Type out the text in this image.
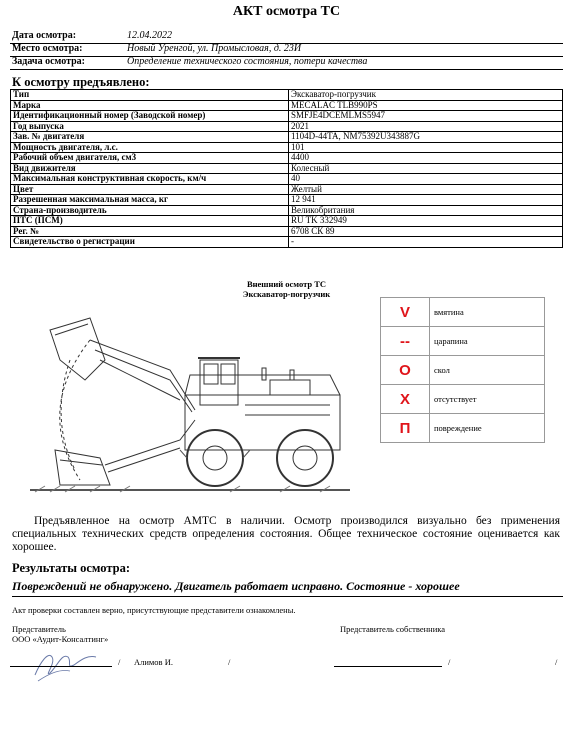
АКТ осмотра ТС
Дата осмотра:	12.04.2022
Место осмотра:	Новый Уренгой, ул. Промысловая, д. 23И
Задача осмотра:	Определение технического состояния, потери качества
К осмотру предъявлено:
Тип	Экскаватор-погрузчик
Марка	MECALAC TLB990PS
Идентификационный номер (Заводской номер)	SMFJE4DCEMLMS5947
Год выпуска	2021
Зав. № двигателя	1104D-44TA, NM75392U343887G
Мощность двигателя, л.с.	101
Рабочий объем двигателя, см3	4400
Вид движителя	Колесный
Максимальная конструктивная скорость, км/ч	40
Цвет	Желтый
Разрешенная максимальная масса, кг	12 941
Страна-производитель	Великобритания
ПТС (ПСМ)	RU TK 332949
Рег. №	6708 СК 89
Свидетельство о регистрации	-
Внешний осмотр ТС
Экскаватор-погрузчик
V	вмятина
--	царапина
O	скол
X	отсутствует
П	повреждение
Предъявленное на осмотр АМТС в наличии. Осмотр производился визуально без применения специальных технических средств определения состояния. Общее техническое состояние оценивается как хорошее.
Результаты осмотра:
Повреждений не обнаружено. Двигатель работает исправно. Состояние - хорошее
Акт проверки составлен верно, присутствующие представители ознакомлены.
Представитель
ООО «Аудит-Консалтинг»
Представитель собственника
/ Алимов И.	/	/	/
